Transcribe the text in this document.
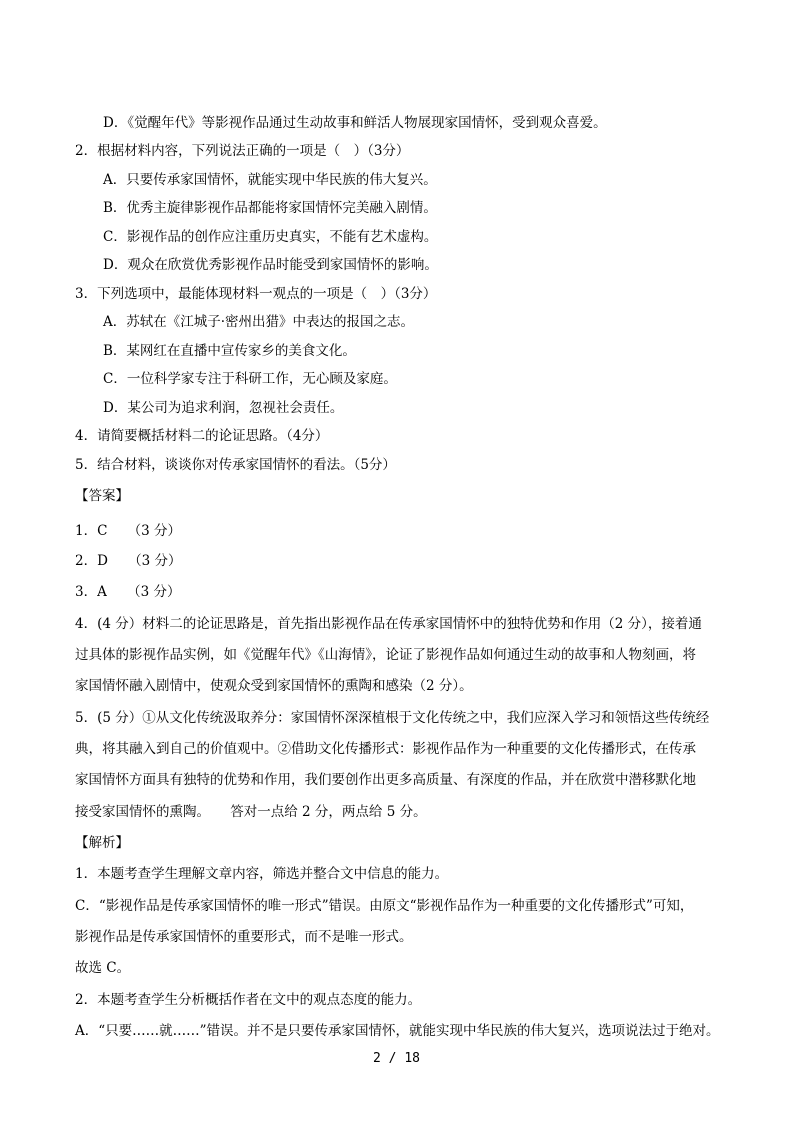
D．《觉醒年代》等影视作品通过生动故事和鲜活人物展现家国情怀，受到观众喜爱。
2．根据材料内容，下列说法正确的一项是（　）（3分）
A．只要传承家国情怀，就能实现中华民族的伟大复兴。
B．优秀主旋律影视作品都能将家国情怀完美融入剧情。
C．影视作品的创作应注重历史真实，不能有艺术虚构。
D．观众在欣赏优秀影视作品时能受到家国情怀的影响。
3．下列选项中，最能体现材料一观点的一项是（　）（3分）
A．苏轼在《江城子·密州出猎》中表达的报国之志。
B．某网红在直播中宣传家乡的美食文化。
C．一位科学家专注于科研工作，无心顾及家庭。
D．某公司为追求利润，忽视社会责任。
4．请简要概括材料二的论证思路。（4分）
5．结合材料，谈谈你对传承家国情怀的看法。（5分）
【答案】
1．C　　（3 分）
2．D　　（3 分）
3．A　　（3 分）
4．(4 分）材料二的论证思路是，首先指出影视作品在传承家国情怀中的独特优势和作用（2 分），接着通
过具体的影视作品实例，如《觉醒年代》《山海情》，论证了影视作品如何通过生动的故事和人物刻画，将
家国情怀融入剧情中，使观众受到家国情怀的熏陶和感染（2 分）。
5．(5 分）①从文化传统汲取养分：家国情怀深深植根于文化传统之中，我们应深入学习和领悟这些传统经
典，将其融入到自己的价值观中。②借助文化传播形式：影视作品作为一种重要的文化传播形式，在传承
家国情怀方面具有独特的优势和作用，我们要创作出更多高质量、有深度的作品，并在欣赏中潜移默化地
接受家国情怀的熏陶。　　答对一点给 2 分，两点给 5 分。
【解析】
1．本题考查学生理解文章内容，筛选并整合文中信息的能力。
C．“影视作品是传承家国情怀的唯一形式”错误。由原文“影视作品作为一种重要的文化传播形式”可知，
影视作品是传承家国情怀的重要形式，而不是唯一形式。
故选 C。
2．本题考查学生分析概括作者在文中的观点态度的能力。
A．“只要……就……”错误。并不是只要传承家国情怀，就能实现中华民族的伟大复兴，选项说法过于绝对。
2 / 18
